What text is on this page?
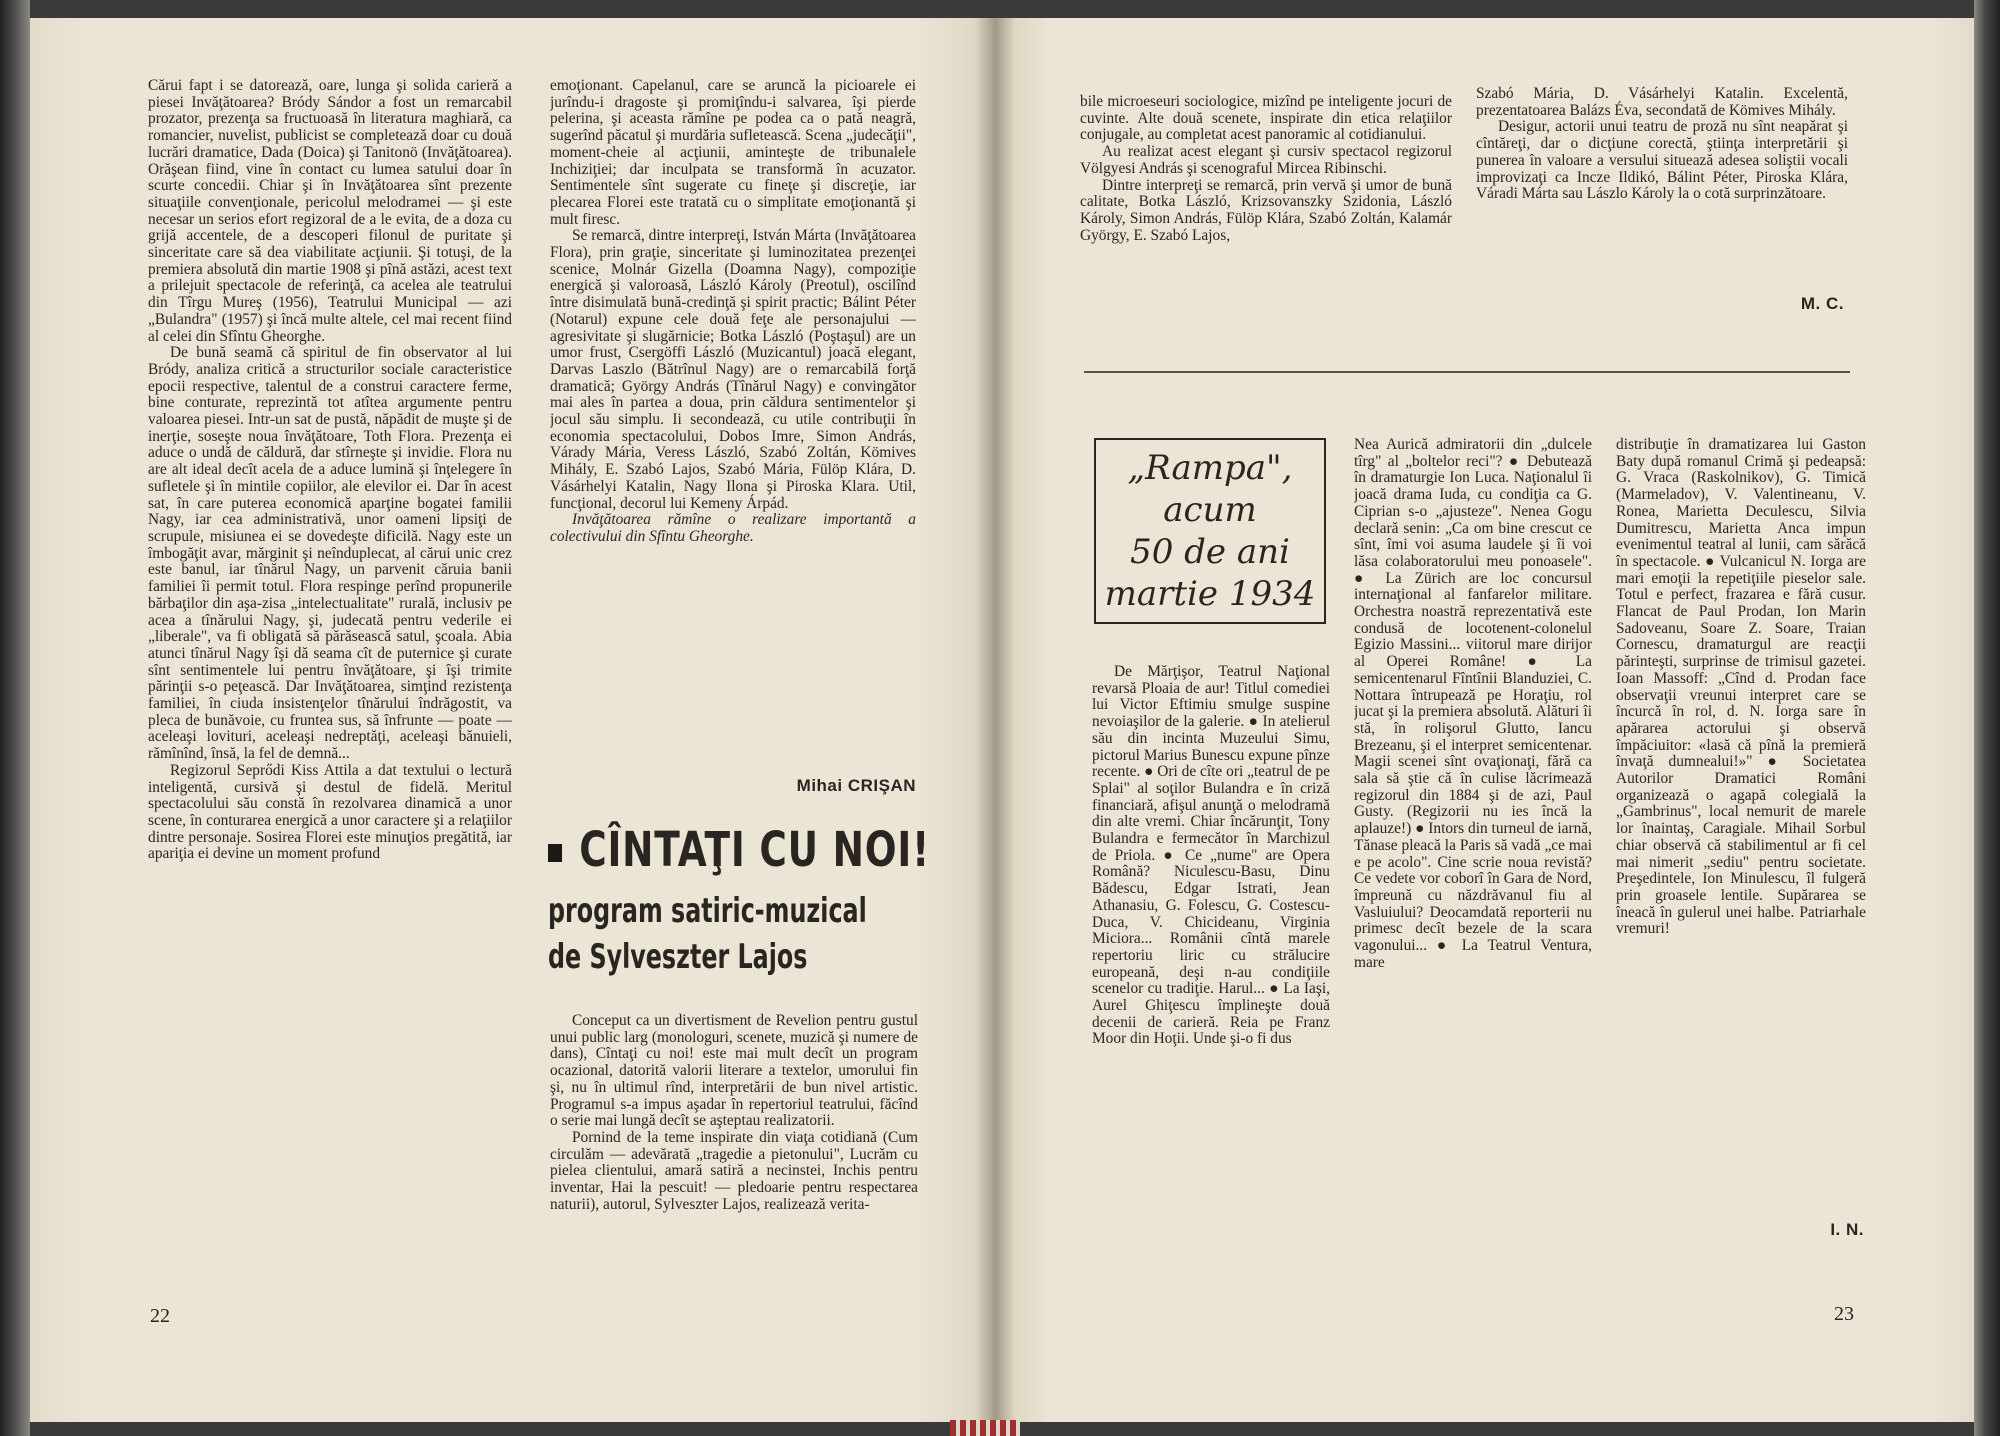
Cărui fapt i se datorează, oare, lunga şi solida carieră a piesei Invăţătoarea? Bródy Sándor a fost un remarcabil prozator, prezenţa sa fructuoasă în literatura maghiară, ca romancier, nuvelist, publicist se completează doar cu două lucrări dramatice, Dada (Doica) şi Tanitonö (Invăţătoarea). Orăşean fiind, vine în contact cu lumea satului doar în scurte concedii. Chiar şi în Invăţătoarea sînt prezente situaţiile convenţionale, pericolul melodramei — şi este necesar un serios efort regizoral de a le evita, de a doza cu grijă accentele, de a descoperi filonul de puritate şi sinceritate care să dea viabilitate acţiunii. Şi totuşi, de la premiera absolută din martie 1908 şi pînă astăzi, acest text a prilejuit spectacole de referinţă, ca acelea ale teatrului din Tîrgu Mureş (1956), Teatrului Municipal — azi „Bulandra" (1957) şi încă multe altele, cel mai recent fiind al celei din Sfîntu Gheorghe.

De bună seamă că spiritul de fin observator al lui Bródy, analiza critică a structurilor sociale caracteristice epocii respective, talentul de a construi caractere ferme, bine conturate, reprezintă tot atîtea argumente pentru valoarea piesei. Intr-un sat de pustă, năpădit de muşte şi de inerţie, soseşte noua învăţătoare, Toth Flora. Prezenţa ei aduce o undă de căldură, dar stîrneşte şi invidie. Flora nu are alt ideal decît acela de a aduce lumină şi înţelegere în sufletele şi în mintile copiilor, ale elevilor ei. Dar în acest sat, în care puterea economică aparţine bogatei familii Nagy, iar cea administrativă, unor oameni lipsiţi de scrupule, misiunea ei se dovedeşte dificilă. Nagy este un îmbogăţit avar, mărginit şi neînduplecat, al cărui unic crez este banul, iar tînărul Nagy, un parvenit căruia banii familiei îi permit totul. Flora respinge perînd propunerile bărbaţilor din aşa-zisa „intelectualitate" rurală, inclusiv pe acea a tînărului Nagy, şi, judecată pentru vederile ei „liberale", va fi obligată să părăsească satul, şcoala. Abia atunci tînărul Nagy îşi dă seama cît de puternice şi curate sînt sentimentele lui pentru învăţătoare, şi îşi trimite părinţii s-o peţească. Dar Invăţătoarea, simţind rezistenţa familiei, în ciuda insistenţelor tînărului îndrăgostit, va pleca de bunăvoie, cu fruntea sus, să înfrunte — poate — aceleaşi lovituri, aceleaşi nedreptăţi, aceleaşi bănuieli, rămînînd, însă, la fel de demnă...

Regizorul Seprődi Kiss Attila a dat textului o lectură inteligentă, cursivă şi destul de fidelă. Meritul spectacolului său constă în rezolvarea dinamică a unor scene, în conturarea energică a unor caractere şi a relaţiilor dintre personaje. Sosirea Florei este minuţios pregătită, iar apariţia ei devine un moment profund

emoţionant. Capelanul, care se aruncă la picioarele ei jurîndu-i dragoste şi promiţîndu-i salvarea, îşi pierde pelerina, şi aceasta rămîne pe podea ca o pată neagră, sugerînd păcatul şi murdăria sufletească. Scena „judecăţii", moment-cheie al acţiunii, aminteşte de tribunalele Inchiziţiei; dar inculpata se transformă în acuzator. Sentimentele sînt sugerate cu fineţe şi discreţie, iar plecarea Florei este tratată cu o simplitate emoţionantă şi mult firesc.

Se remarcă, dintre interpreţi, István Márta (Invăţătoarea Flora), prin graţie, sinceritate şi luminozitatea prezenţei scenice, Molnár Gizella (Doamna Nagy), compoziţie energică şi valoroasă, László Károly (Preotul), oscilînd între disimulată bună-credinţă şi spirit practic; Bálint Péter (Notarul) expune cele două feţe ale personajului — agresivitate şi slugărnicie; Botka László (Poştaşul) are un umor frust, Csergöffi László (Muzicantul) joacă elegant, Darvas Laszlo (Bătrînul Nagy) are o remarcabilă forţă dramatică; György András (Tînărul Nagy) e convingător mai ales în partea a doua, prin căldura sentimentelor şi jocul său simplu. Ii secondează, cu utile contribuţii în economia spectacolului, Dobos Imre, Simon András, Várady Mária, Veress László, Szabó Zoltán, Kömives Mihály, E. Szabó Lajos, Szabó Mária, Fülöp Klára, D. Vásárhelyi Katalin, Nagy Ilona şi Piroska Klara. Util, funcţional, decorul lui Kemeny Árpád.

Invăţătoarea rămîne o realizare importantă a colectivului din Sfîntu Gheorghe.

Mihai CRIŞAN
CÎNTAŢI CU NOI!
program satiric-muzical
de Sylveszter Lajos

Conceput ca un divertisment de Revelion pentru gustul unui public larg (monologuri, scenete, muzică şi numere de dans), Cîntaţi cu noi! este mai mult decît un program ocazional, datorită valorii literare a textelor, umorului fin şi, nu în ultimul rînd, interpretării de bun nivel artistic. Programul s-a impus aşadar în repertoriul teatrului, făcînd o serie mai lungă decît se aşteptau realizatorii.

Pornind de la teme inspirate din viaţa cotidiană (Cum circulăm — adevărată „tragedie a pietonului", Lucrăm cu pielea clientului, amară satiră a necinstei, Inchis pentru inventar, Hai la pescuit! — pledoarie pentru respectarea naturii), autorul, Sylveszter Lajos, realizează verita-

22

bile microeseuri sociologice, mizînd pe inteligente jocuri de cuvinte. Alte două scenete, inspirate din etica relaţiilor conjugale, au completat acest panoramic al cotidianului.

Au realizat acest elegant şi cursiv spectacol regizorul Völgyesi András şi scenograful Mircea Ribinschi.

Dintre interpreţi se remarcă, prin vervă şi umor de bună calitate, Botka László, Krizsovanszky Szidonia, László Károly, Simon András, Fülöp Klára, Szabó Zoltán, Kalamár György, E. Szabó Lajos,

Szabó Mária, D. Vásárhelyi Katalin. Excelentă, prezentatoarea Balázs Éva, secondată de Kömives Mihály.

Desigur, actorii unui teatru de proză nu sînt neapărat şi cîntăreţi, dar o dicţiune corectă, ştiinţa interpretării şi punerea în valoare a versului situează adesea soliştii vocali improvizaţi ca Incze Ildikó, Bálint Péter, Piroska Klára, Váradi Márta sau Lászlo Károly la o cotă surprinzătoare.

M. C.
„Rampa",
acum
50 de ani
martie 1934

De Mărţişor, Teatrul Naţional revarsă Ploaia de aur! Titlul comediei lui Victor Eftimiu smulge suspine nevoiaşilor de la galerie. ● In atelierul său din incinta Muzeului Simu, pictorul Marius Bunescu expune pînze recente. ● Ori de cîte ori „teatrul de pe Splai" al soţilor Bulandra e în criză financiară, afişul anunţă o melodramă din alte vremi. Chiar încărunţit, Tony Bulandra e fermecător în Marchizul de Priola. ● Ce „nume" are Opera Română? Niculescu-Basu, Dinu Bădescu, Edgar Istrati, Jean Athanasiu, G. Folescu, G. Costescu-Duca, V. Chicideanu, Virginia Miciora... Românii cîntă marele repertoriu liric cu strălucire europeană, deşi n-au condiţiile scenelor cu tradiţie. Harul... ● La Iaşi, Aurel Ghiţescu împlineşte două decenii de carieră. Reia pe Franz Moor din Hoţii. Unde şi-o fi dus

Nea Aurică admiratorii din „dulcele tîrg" al „boltelor reci"? ● Debutează în dramaturgie Ion Luca. Naţionalul îi joacă drama Iuda, cu condiţia ca G. Ciprian s-o „ajusteze". Nenea Gogu declară senin: „Ca om bine crescut ce sînt, îmi voi asuma laudele şi îi voi lăsa colaboratorului meu ponoasele". ● La Zürich are loc concursul internaţional al fanfarelor militare. Orchestra noastră reprezentativă este condusă de locotenent-colonelul Egizio Massini... viitorul mare dirijor al Operei Române! ● La semicentenarul Fîntînii Blanduziei, C. Nottara întrupează pe Horaţiu, rol jucat şi la premiera absolută. Alături îi stă, în rolişorul Glutto, Iancu Brezeanu, şi el interpret semicentenar. Magii scenei sînt ovaţionaţi, fără ca sala să ştie că în culise lăcrimează regizorul din 1884 şi de azi, Paul Gusty. (Regizorii nu ies încă la aplauze!) ● Intors din turneul de iarnă, Tănase pleacă la Paris să vadă „ce mai e pe acolo". Cine scrie noua revistă? Ce vedete vor coborî în Gara de Nord, împreună cu năzdrăvanul fiu al Vasluiului? Deocamdată reporterii nu primesc decît bezele de la scara vagonului... ● La Teatrul Ventura, mare

distribuţie în dramatizarea lui Gaston Baty după romanul Crimă şi pedeapsă: G. Vraca (Raskolnikov), G. Timică (Marmeladov), V. Valentineanu, V. Ronea, Marietta Deculescu, Silvia Dumitrescu, Marietta Anca impun evenimentul teatral al lunii, cam sărăcă în spectacole. ● Vulcanicul N. Iorga are mari emoţii la repetiţiile pieselor sale. Totul e perfect, frazarea e fără cusur. Flancat de Paul Prodan, Ion Marin Sadoveanu, Soare Z. Soare, Traian Cornescu, dramaturgul are reacţii părinteşti, surprinse de trimisul gazetei. Ioan Massoff: „Cînd d. Prodan face observaţii vreunui interpret care se încurcă în rol, d. N. Iorga sare în apărarea actorului şi observă împăciuitor: «lasă că pînă la premieră învaţă dumnealui!»" ● Societatea Autorilor Dramatici Români organizează o agapă colegială la „Gambrinus", local nemurit de marele lor înaintaş, Caragiale. Mihail Sorbul chiar observă că stabilimentul ar fi cel mai nimerit „sediu" pentru societate. Preşedintele, Ion Minulescu, îl fulgeră prin groasele lentile. Supărarea se îneacă în gulerul unei halbe. Patriarhale vremuri!

I. N.
23
